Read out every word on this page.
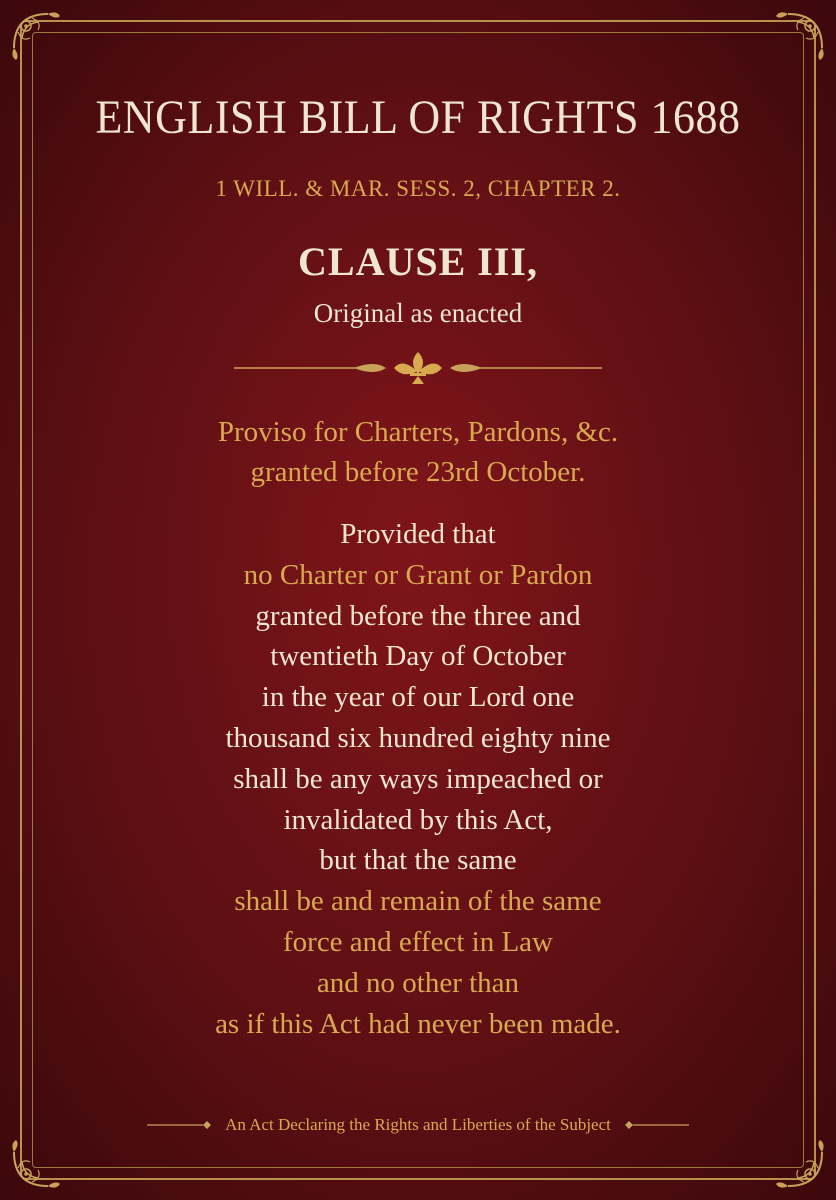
ENGLISH BILL OF RIGHTS 1688
1 WILL. & MAR. SESS. 2, CHAPTER 2.
CLAUSE III,
Original as enacted
Proviso for Charters, Pardons, &c.
granted before 23rd October.
Provided that
no Charter or Grant or Pardon
granted before the three and
twentieth Day of October
in the year of our Lord one
thousand six hundred eighty nine
shall be any ways impeached or
invalidated by this Act,
but that the same
shall be and remain of the same
force and effect in Law
and no other than
as if this Act had never been made.
An Act Declaring the Rights and Liberties of the Subject
